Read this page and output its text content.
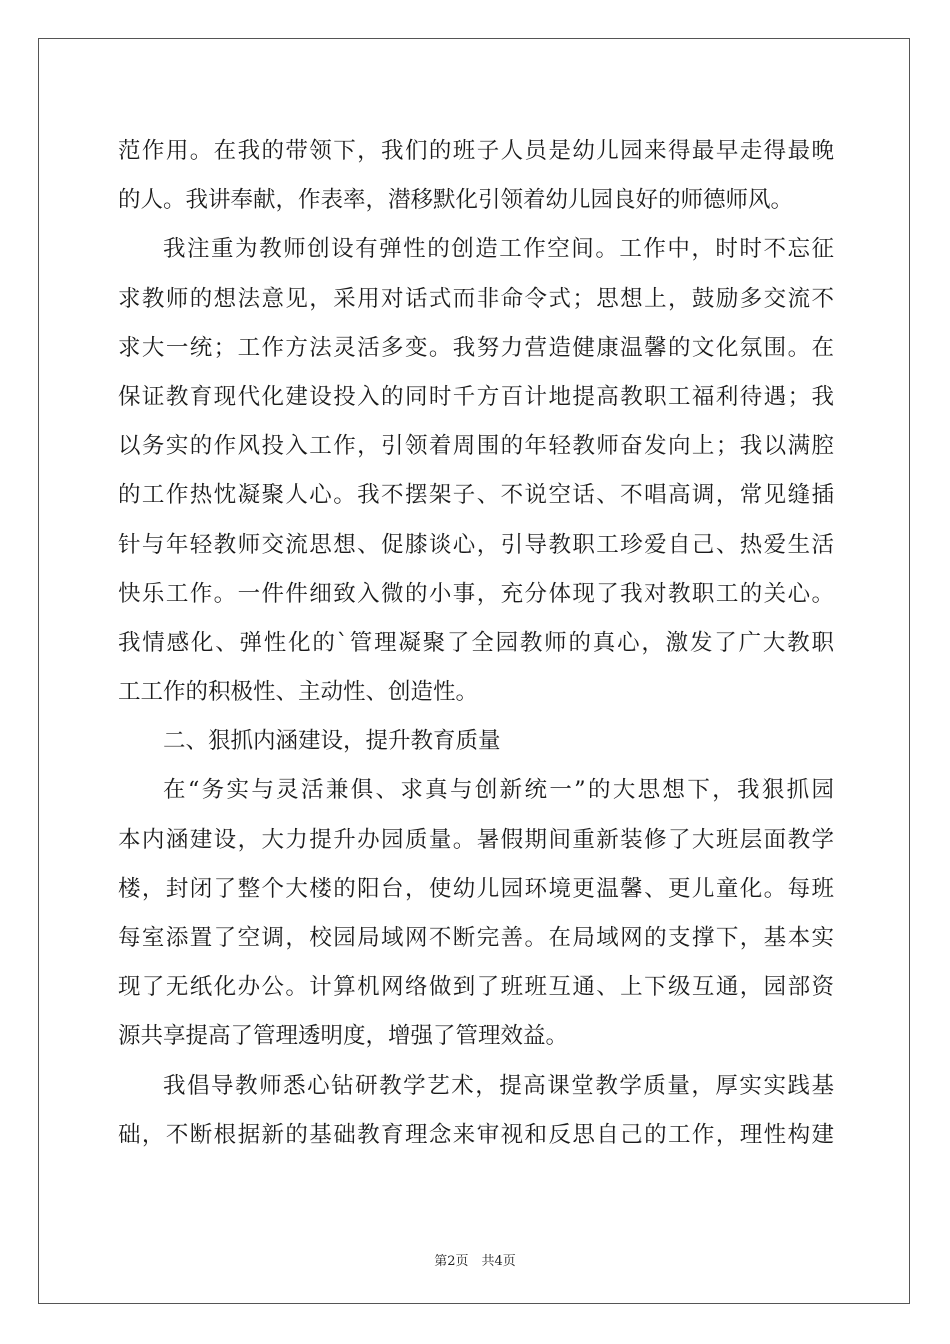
范作用。在我的带领下，我们的班子人员是幼儿园来得最早走得最晚
的人。我讲奉献，作表率，潜移默化引领着幼儿园良好的师德师风。
我注重为教师创设有弹性的创造工作空间。工作中，时时不忘征
求教师的想法意见，采用对话式而非命令式；思想上，鼓励多交流不
求大一统；工作方法灵活多变。我努力营造健康温馨的文化氛围。在
保证教育现代化建设投入的同时千方百计地提高教职工福利待遇；我
以务实的作风投入工作，引领着周围的年轻教师奋发向上；我以满腔
的工作热忱凝聚人心。我不摆架子、不说空话、不唱高调，常见缝插
针与年轻教师交流思想、促膝谈心，引导教职工珍爱自己、热爱生活
快乐工作。一件件细致入微的小事，充分体现了我对教职工的关心。
我情感化、弹性化的`管理凝聚了全园教师的真心，激发了广大教职
工工作的积极性、主动性、创造性。
二、狠抓内涵建设，提升教育质量
在“务实与灵活兼俱、求真与创新统一”的大思想下，我狠抓园
本内涵建设，大力提升办园质量。暑假期间重新装修了大班层面教学
楼，封闭了整个大楼的阳台，使幼儿园环境更温馨、更儿童化。每班
每室添置了空调，校园局域网不断完善。在局域网的支撑下，基本实
现了无纸化办公。计算机网络做到了班班互通、上下级互通，园部资
源共享提高了管理透明度，增强了管理效益。
我倡导教师悉心钻研教学艺术，提高课堂教学质量，厚实实践基
础，不断根据新的基础教育理念来审视和反思自己的工作，理性构建
第2页　共4页
